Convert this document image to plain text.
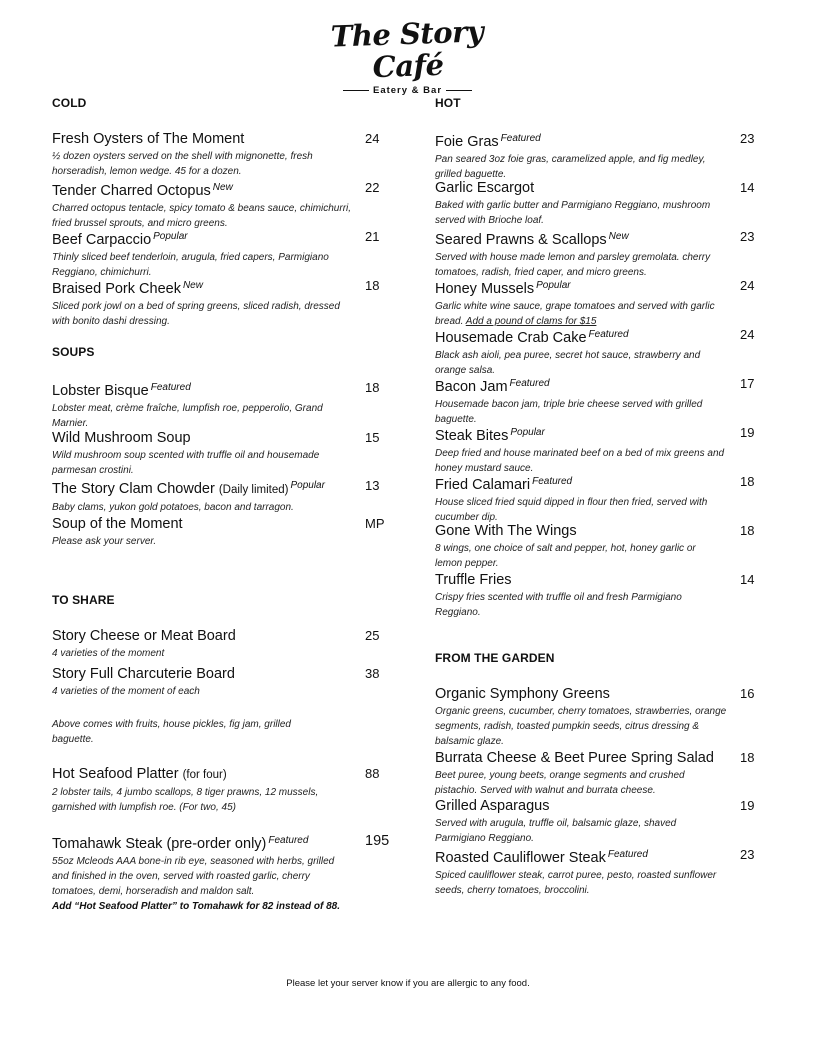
The Story Café
Eatery & Bar
COLD
Fresh Oysters of The Moment
½ dozen oysters served on the shell with mignonette, fresh horseradish, lemon wedge. 45 for a dozen.
24
Tender Charred Octopus $^{New}$
Charred octopus tentacle, spicy tomato & beans sauce, chimichurri, fried brussel sprouts, and micro greens.
22
Beef Carpaccio $^{Popular}$
Thinly sliced beef tenderloin, arugula, fried capers, Parmigiano Reggiano, chimichurri.
21
Braised Pork Cheek $^{New}$
Sliced pork jowl on a bed of spring greens, sliced radish, dressed with bonito dashi dressing.
18
SOUPS
Lobster Bisque $^{Featured}$
Lobster meat, crème fraîche, lumpfish roe, pepperolio, Grand Marnier.
18
Wild Mushroom Soup
Wild mushroom soup scented with truffle oil and housemade parmesan crostini.
15
The Story Clam Chowder (Daily limited) $^{Popular}$
Baby clams, yukon gold potatoes, bacon and tarragon.
13
Soup of the Moment
Please ask your server.
MP
TO SHARE
Story Cheese or Meat Board
4 varieties of the moment
25
Story Full Charcuterie Board
4 varieties of the moment of each
38
Above comes with fruits, house pickles, fig jam, grilled baguette.
Hot Seafood Platter (for four)
2 lobster tails, 4 jumbo scallops, 8 tiger prawns, 12 mussels, garnished with lumpfish roe. (For two, 45)
88
Tomahawk Steak (pre-order only) $^{Featured}$
55oz Mcleods AAA bone-in rib eye, seasoned with herbs, grilled and finished in the oven, served with roasted garlic, cherry tomatoes, demi, horseradish and maldon salt.
Add “Hot Seafood Platter” to Tomahawk for 82 instead of 88.
195
HOT
Foie Gras $^{Featured}$
Pan seared 3oz foie gras, caramelized apple, and fig medley, grilled baguette.
23
Garlic Escargot
Baked with garlic butter and Parmigiano Reggiano, mushroom served with Brioche loaf.
14
Seared Prawns & Scallops $^{New}$
Served with house made lemon and parsley gremolata. cherry tomatoes, radish, fried caper, and micro greens.
23
Honey Mussels $^{Popular}$
Garlic white wine sauce, grape tomatoes and served with garlic bread. Add a pound of clams for $15
24
Housemade Crab Cake $^{Featured}$
Black ash aioli, pea puree, secret hot sauce, strawberry and orange salsa.
24
Bacon Jam $^{Featured}$
Housemade bacon jam, triple brie cheese served with grilled baguette.
17
Steak Bites $^{Popular}$
Deep fried and house marinated beef on a bed of mix greens and honey mustard sauce.
19
Fried Calamari $^{Featured}$
House sliced fried squid dipped in flour then fried, served with cucumber dip.
18
Gone With The Wings
8 wings, one choice of salt and pepper, hot, honey garlic or lemon pepper.
18
Truffle Fries
Crispy fries scented with truffle oil and fresh Parmigiano Reggiano.
14
FROM THE GARDEN
Organic Symphony Greens
Organic greens, cucumber, cherry tomatoes, strawberries, orange segments, radish, toasted pumpkin seeds, citrus dressing & balsamic glaze.
16
Burrata Cheese & Beet Puree Spring Salad
Beet puree, young beets, orange segments and crushed pistachio. Served with walnut and burrata cheese.
18
Grilled Asparagus
Served with arugula, truffle oil, balsamic glaze, shaved Parmigiano Reggiano.
19
Roasted Cauliflower Steak $^{Featured}$
Spiced cauliflower steak, carrot puree, pesto, roasted sunflower seeds, cherry tomatoes, broccolini.
23
Please let your server know if you are allergic to any food.
